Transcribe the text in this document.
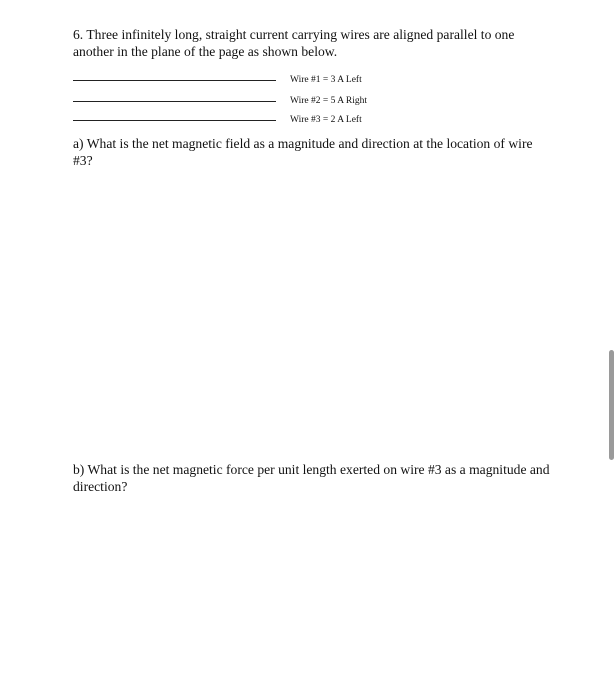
6. Three infinitely long, straight current carrying wires are aligned parallel to one another in the plane of the page as shown below.

Wire #1 = 3 A Left
Wire #2 = 5 A Right
Wire #3 = 2 A Left

a) What is the net magnetic field as a magnitude and direction at the location of wire #3?

b) What is the net magnetic force per unit length exerted on wire #3 as a magnitude and direction?
